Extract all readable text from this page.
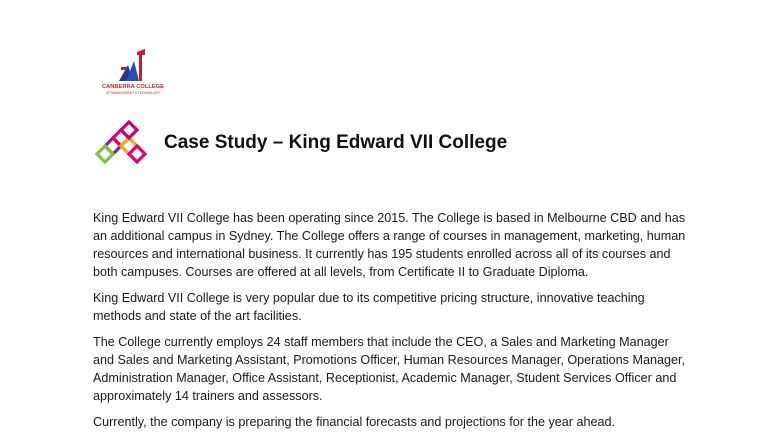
CANBERRA COLLEGE
OF MANAGEMENT & TECHNOLOGY
Case Study – King Edward VII College

King Edward VII College has been operating since 2015. The College is based in Melbourne CBD and has an additional campus in Sydney. The College offers a range of courses in management, marketing, human resources and international business. It currently has 195 students enrolled across all of its courses and both campuses. Courses are offered at all levels, from Certificate II to Graduate Diploma.

King Edward VII College is very popular due to its competitive pricing structure, innovative teaching methods and state of the art facilities.

The College currently employs 24 staff members that include the CEO, a Sales and Marketing Manager and Sales and Marketing Assistant, Promotions Officer, Human Resources Manager, Operations Manager, Administration Manager, Office Assistant, Receptionist, Academic Manager, Student Services Officer and approximately 14 trainers and assessors.

Currently, the company is preparing the financial forecasts and projections for the year ahead.
